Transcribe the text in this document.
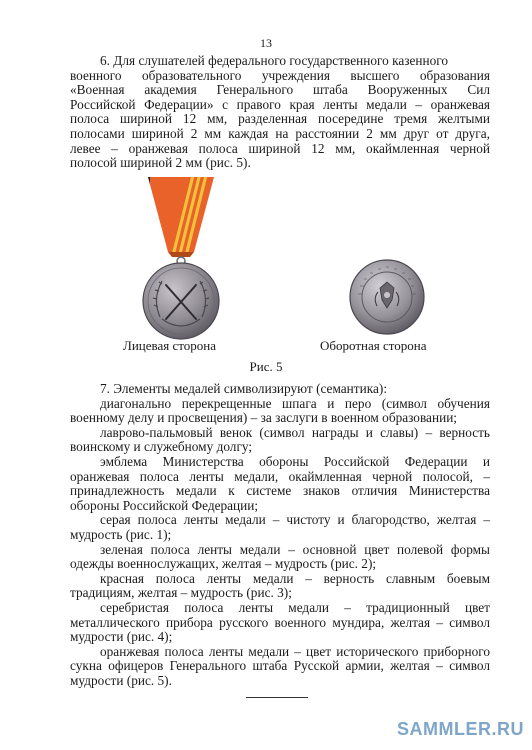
13
6. Для слушателей федерального государственного казенного
военного образовательного учреждения высшего образования
«Военная академия Генерального штаба Вооруженных Сил
Российской Федерации» с правого края ленты медали – оранжевая
полоса шириной 12 мм, разделенная посередине тремя желтыми
полосами шириной 2 мм каждая на расстоянии 2 мм друг от друга,
левее – оранжевая полоса шириной 12 мм, окаймленная черной
полосой шириной 2 мм (рис. 5).
Лицевая сторона	Оборотная сторона
Рис. 5

7. Элементы медалей символизируют (семантика):

диагонально перекрещенные шпага и перо (символ обучения военному делу и просвещения) – за заслуги в военном образовании;

лаврово-пальмовый венок (символ награды и славы) – верность воинскому и служебному долгу;

эмблема Министерства обороны Российской Федерации и оранжевая полоса ленты медали, окаймленная черной полосой, – принадлежность медали к системе знаков отличия Министерства обороны Российской Федерации;

серая полоса ленты медали – чистоту и благородство, желтая – мудрость (рис. 1);

зеленая полоса ленты медали – основной цвет полевой формы одежды военнослужащих, желтая – мудрость (рис. 2);

красная полоса ленты медали – верность славным боевым традициям, желтая – мудрость (рис. 3);

серебристая полоса ленты медали – традиционный цвет металлического прибора русского военного мундира, желтая – символ мудрости (рис. 4);

оранжевая полоса ленты медали – цвет исторического приборного сукна офицеров Генерального штаба Русской армии, желтая – символ мудрости (рис. 5).

SAMMLER.RU
